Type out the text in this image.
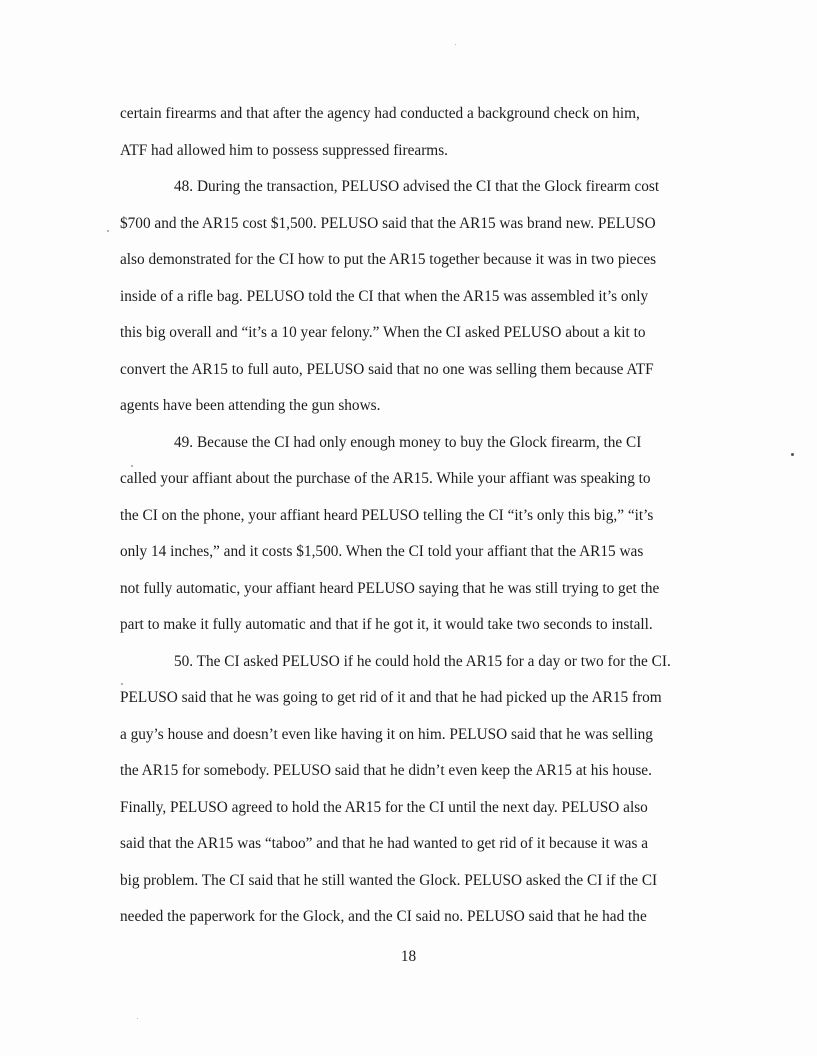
certain firearms and that after the agency had conducted a background check on him,
ATF had allowed him to possess suppressed firearms.
48. During the transaction, PELUSO advised the CI that the Glock firearm cost
$700 and the AR15 cost $1,500. PELUSO said that the AR15 was brand new. PELUSO
also demonstrated for the CI how to put the AR15 together because it was in two pieces
inside of a rifle bag. PELUSO told the CI that when the AR15 was assembled it’s only
this big overall and “it’s a 10 year felony.” When the CI asked PELUSO about a kit to
convert the AR15 to full auto, PELUSO said that no one was selling them because ATF
agents have been attending the gun shows.
49. Because the CI had only enough money to buy the Glock firearm, the CI
called your affiant about the purchase of the AR15. While your affiant was speaking to
the CI on the phone, your affiant heard PELUSO telling the CI “it’s only this big,” “it’s
only 14 inches,” and it costs $1,500. When the CI told your affiant that the AR15 was
not fully automatic, your affiant heard PELUSO saying that he was still trying to get the
part to make it fully automatic and that if he got it, it would take two seconds to install.
50. The CI asked PELUSO if he could hold the AR15 for a day or two for the CI.
PELUSO said that he was going to get rid of it and that he had picked up the AR15 from
a guy’s house and doesn’t even like having it on him. PELUSO said that he was selling
the AR15 for somebody. PELUSO said that he didn’t even keep the AR15 at his house.
Finally, PELUSO agreed to hold the AR15 for the CI until the next day. PELUSO also
said that the AR15 was “taboo” and that he had wanted to get rid of it because it was a
big problem. The CI said that he still wanted the Glock. PELUSO asked the CI if the CI
needed the paperwork for the Glock, and the CI said no. PELUSO said that he had the
18
